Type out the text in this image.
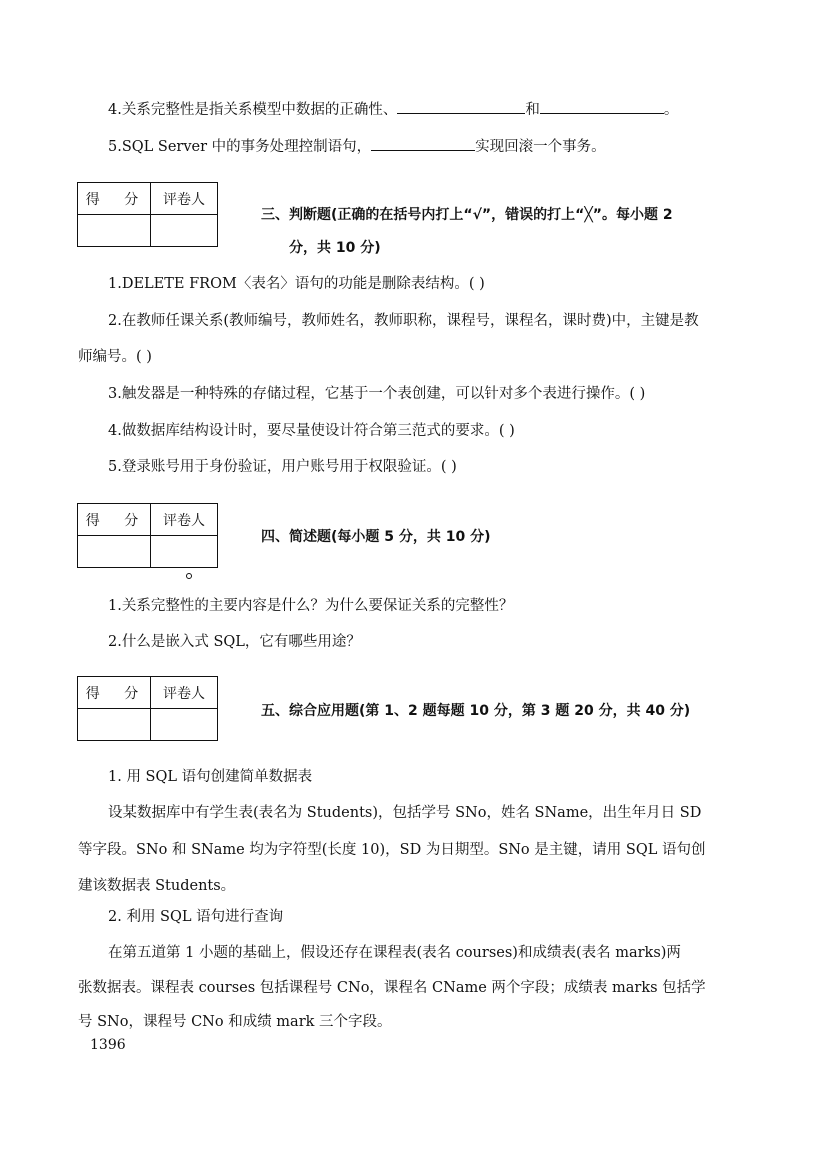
4.关系完整性是指关系模型中数据的正确性、	和	。
5.SQL Server 中的事务处理控制语句，	实现回滚一个事务。
得 分	评卷人

三、判断题(正确的在括号内打上“√”，错误的打上“╳”。每小题 2
分，共 10 分)
1.DELETE FROM〈表名〉语句的功能是删除表结构。( )
2.在教师任课关系(教师编号，教师姓名，教师职称，课程号，课程名，课时费)中，主键是教
师编号。( )
3.触发器是一种特殊的存储过程，它基于一个表创建，可以针对多个表进行操作。( )
4.做数据库结构设计时，要尽量使设计符合第三范式的要求。( )
5.登录账号用于身份验证，用户账号用于权限验证。( )
得 分	评卷人

四、简述题(每小题 5 分，共 10 分)
1.关系完整性的主要内容是什么？为什么要保证关系的完整性？
2.什么是嵌入式 SQL，它有哪些用途？
得 分	评卷人

五、综合应用题(第 1、2 题每题 10 分，第 3 题 20 分，共 40 分)
1. 用 SQL 语句创建简单数据表
设某数据库中有学生表(表名为 Students)，包括学号 SNo，姓名 SName，出生年月日 SD
等字段。SNo 和 SName 均为字符型(长度 10)，SD 为日期型。SNo 是主键，请用 SQL 语句创
建该数据表 Students。
2. 利用 SQL 语句进行查询
在第五道第 1 小题的基础上，假设还存在课程表(表名 courses)和成绩表(表名 marks)两
张数据表。课程表 courses 包括课程号 CNo，课程名 CName 两个字段；成绩表 marks 包括学
号 SNo，课程号 CNo 和成绩 mark 三个字段。
1396
